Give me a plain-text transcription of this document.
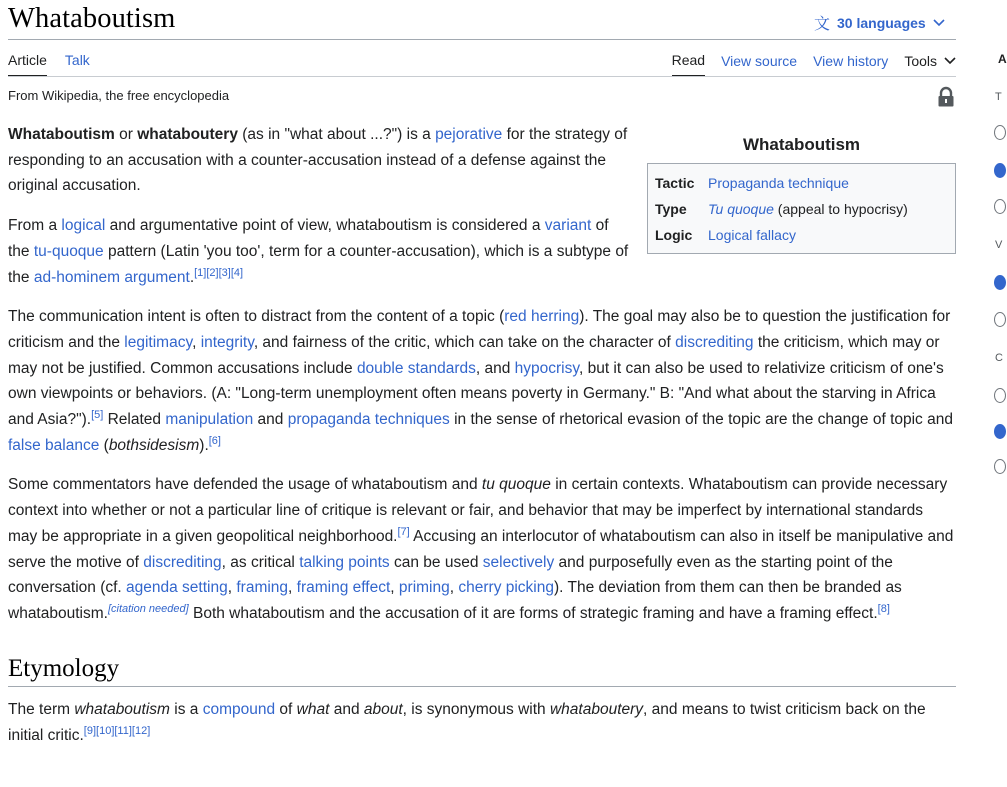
Whataboutism	文 30 languages
Article Talk	Read View source View history Tools
From Wikipedia, the free encyclopedia
Whataboutism
Tactic Propaganda technique
Type	Tu quoque (appeal to hypocrisy)
Logic	Logical fallacy

Whataboutism or whataboutery (as in "what about ...?") is a pejorative for the strategy of responding to an accusation with a counter-accusation instead of a defense against the original accusation.

From a logical and argumentative point of view, whataboutism is considered a variant of the tu-quoque pattern (Latin 'you too', term for a counter-accusation), which is a subtype of the ad-hominem argument.[1][2][3][4]

The communication intent is often to distract from the content of a topic (red herring). The goal may also be to question the justification for criticism and the legitimacy, integrity, and fairness of the critic, which can take on the character of discrediting the criticism, which may or may not be justified. Common accusations include double standards, and hypocrisy, but it can also be used to relativize criticism of one's own viewpoints or behaviors. (A: "Long-term unemployment often means poverty in Germany." B: "And what about the starving in Africa and Asia?").[5] Related manipulation and propaganda techniques in the sense of rhetorical evasion of the topic are the change of topic and false balance (bothsidesism).[6]

Some commentators have defended the usage of whataboutism and tu quoque in certain contexts. Whataboutism can provide necessary context into whether or not a particular line of critique is relevant or fair, and behavior that may be imperfect by international standards may be appropriate in a given geopolitical neighborhood.[7] Accusing an interlocutor of whataboutism can also in itself be manipulative and serve the motive of discrediting, as critical talking points can be used selectively and purposefully even as the starting point of the conversation (cf. agenda setting, framing, framing effect, priming, cherry picking). The deviation from them can then be branded as whataboutism.[citation needed] Both whataboutism and the accusation of it are forms of strategic framing and have a framing effect.[8]

Etymology

The term whataboutism is a compound of what and about, is synonymous with whataboutery, and means to twist criticism back on the initial critic.[9][10][11][12]

A
T
V
C
